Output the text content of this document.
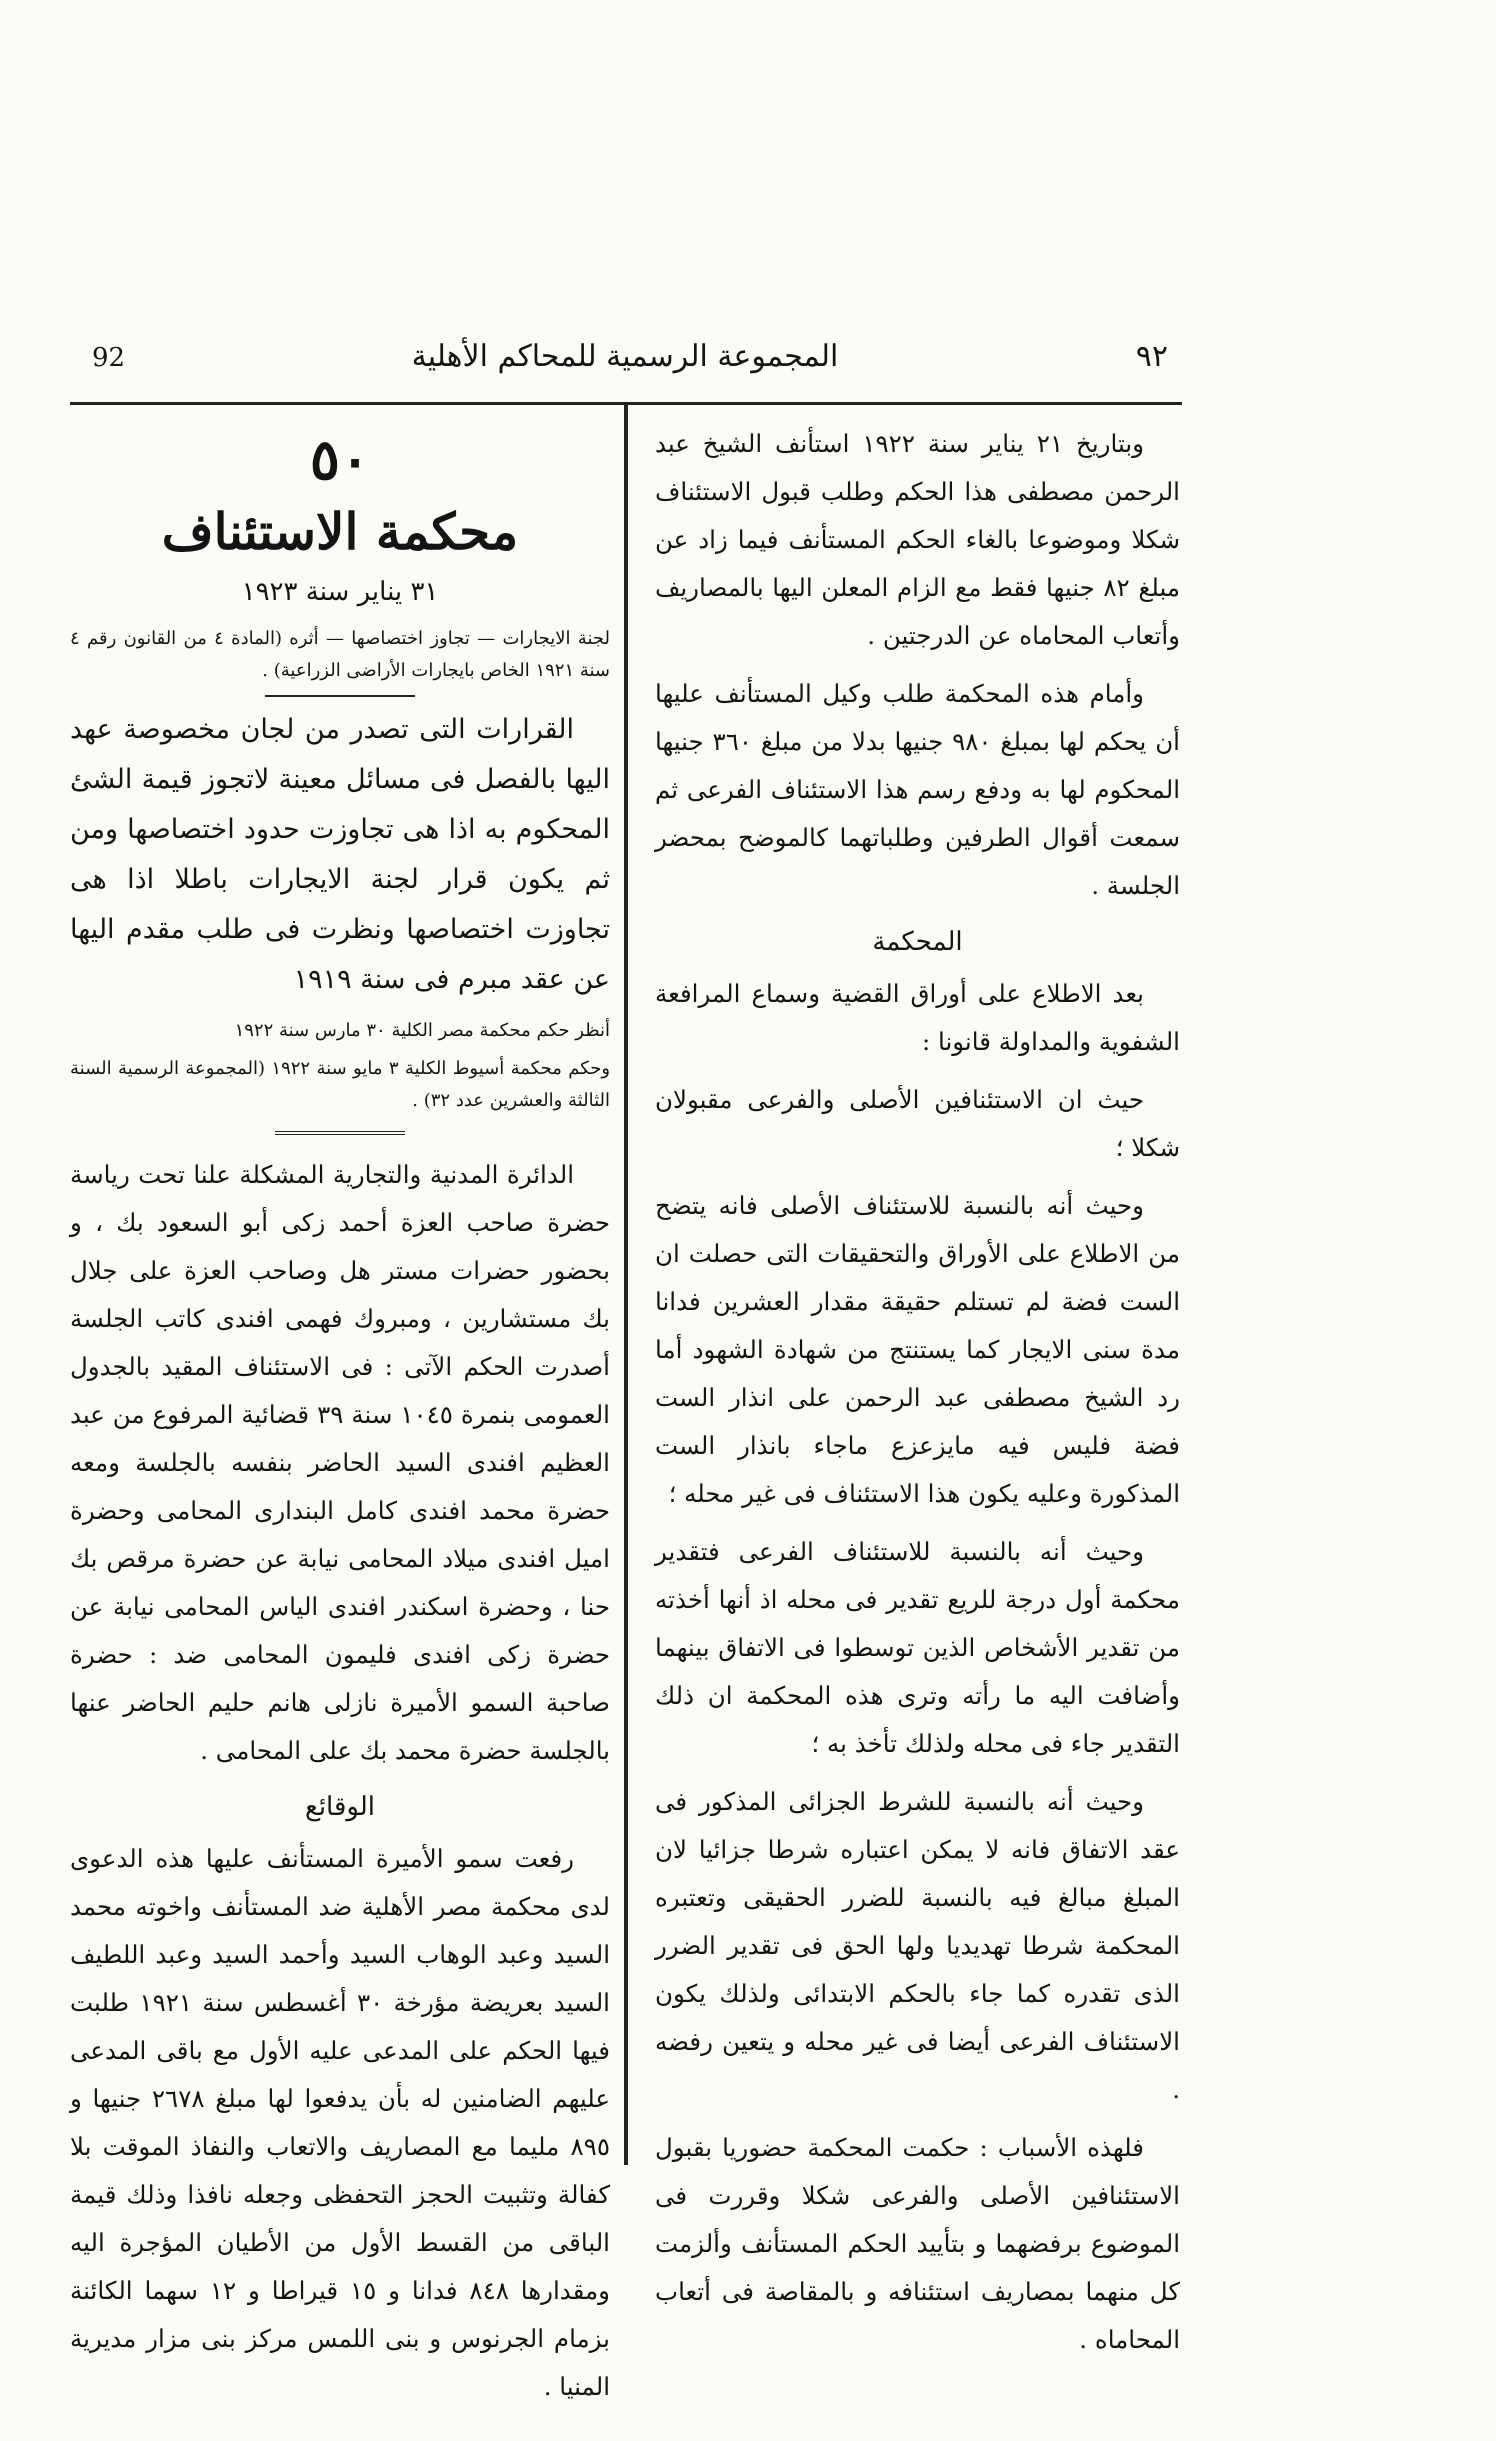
92	المجموعة الرسمية للمحاكم الأهلية	٩٢

وبتاريخ ٢١ يناير سنة ١٩٢٢ استأنف الشيخ عبد الرحمن مصطفى هذا الحكم وطلب قبول الاستئناف شكلا وموضوعا بالغاء الحكم المستأنف فيما زاد عن مبلغ ٨٢ جنيها فقط مع الزام المعلن اليها بالمصاريف وأتعاب المحاماه عن الدرجتين .

وأمام هذه المحكمة طلب وكيل المستأنف عليها أن يحكم لها بمبلغ ٩٨٠ جنيها بدلا من مبلغ ٣٦٠ جنيها المحكوم لها به ودفع رسم هذا الاستئناف الفرعى ثم سمعت أقوال الطرفين وطلباتهما كالموضح بمحضر الجلسة .

المحكمة

بعد الاطلاع على أوراق القضية وسماع المرافعة الشفوية والمداولة قانونا :

حيث ان الاستئنافين الأصلى والفرعى مقبولان شكلا ؛

وحيث أنه بالنسبة للاستئناف الأصلى فانه يتضح من الاطلاع على الأوراق والتحقيقات التى حصلت ان الست فضة لم تستلم حقيقة مقدار العشرين فدانا مدة سنى الايجار كما يستنتج من شهادة الشهود أما رد الشيخ مصطفى عبد الرحمن على انذار الست فضة فليس فيه مايزعزع ماجاء بانذار الست المذكورة وعليه يكون هذا الاستئناف فى غير محله ؛

وحيث أنه بالنسبة للاستئناف الفرعى فتقدير محكمة أول درجة للريع تقدير فى محله اذ أنها أخذته من تقدير الأشخاص الذين توسطوا فى الاتفاق بينهما وأضافت اليه ما رأته وترى هذه المحكمة ان ذلك التقدير جاء فى محله ولذلك تأخذ به ؛

وحيث أنه بالنسبة للشرط الجزائى المذكور فى عقد الاتفاق فانه لا يمكن اعتباره شرطا جزائيا لان المبلغ مبالغ فيه بالنسبة للضرر الحقيقى وتعتبره المحكمة شرطا تهديديا ولها الحق فى تقدير الضرر الذى تقدره كما جاء بالحكم الابتدائى ولذلك يكون الاستئناف الفرعى أيضا فى غير محله و يتعين رفضه .

فلهذه الأسباب : حكمت المحكمة حضوريا بقبول الاستئنافين الأصلى والفرعى شكلا وقررت فى الموضوع برفضهما و بتأييد الحكم المستأنف وألزمت كل منهما بمصاريف استئنافه و بالمقاصة فى أتعاب المحاماه .

٥٠
محكمة الاستئناف
٣١ يناير سنة ١٩٢٣

لجنة الايجارات — تجاوز اختصاصها — أثره (المادة ٤ من القانون رقم ٤ سنة ١٩٢١ الخاص بايجارات الأراضى الزراعية) .

القرارات التى تصدر من لجان مخصوصة عهد اليها بالفصل فى مسائل معينة لاتجوز قيمة الشئ المحكوم به اذا هى تجاوزت حدود اختصاصها ومن ثم يكون قرار لجنة الايجارات باطلا اذا هى تجاوزت اختصاصها ونظرت فى طلب مقدم اليها عن عقد مبرم فى سنة ١٩١٩

أنظر حكم محكمة مصر الكلية ٣٠ مارس سنة ١٩٢٢

وحكم محكمة أسيوط الكلية ٣ مايو سنة ١٩٢٢ (المجموعة الرسمية السنة الثالثة والعشرين عدد ٣٢) .

الدائرة المدنية والتجارية المشكلة علنا تحت رياسة حضرة صاحب العزة أحمد زكى أبو السعود بك ، و بحضور حضرات مستر هل وصاحب العزة على جلال بك مستشارين ، ومبروك فهمى افندى كاتب الجلسة أصدرت الحكم الآتى : فى الاستئناف المقيد بالجدول العمومى بنمرة ١٠٤٥ سنة ٣٩ قضائية المرفوع من عبد العظيم افندى السيد الحاضر بنفسه بالجلسة ومعه حضرة محمد افندى كامل البندارى المحامى وحضرة اميل افندى ميلاد المحامى نيابة عن حضرة مرقص بك حنا ، وحضرة اسكندر افندى الياس المحامى نيابة عن حضرة زكى افندى فليمون المحامى ضد : حضرة صاحبة السمو الأميرة نازلى هانم حليم الحاضر عنها بالجلسة حضرة محمد بك على المحامى .

الوقائع

رفعت سمو الأميرة المستأنف عليها هذه الدعوى لدى محكمة مصر الأهلية ضد المستأنف واخوته محمد السيد وعبد الوهاب السيد وأحمد السيد وعبد اللطيف السيد بعريضة مؤرخة ٣٠ أغسطس سنة ١٩٢١ طلبت فيها الحكم على المدعى عليه الأول مع باقى المدعى عليهم الضامنين له بأن يدفعوا لها مبلغ ٢٦٧٨ جنيها و ٨٩٥ مليما مع المصاريف والاتعاب والنفاذ الموقت بلا كفالة وتثبيت الحجز التحفظى وجعله نافذا وذلك قيمة الباقى من القسط الأول من الأطيان المؤجرة اليه ومقدارها ٨٤٨ فدانا و ١٥ قيراطا و ١٢ سهما الكائنة بزمام الجرنوس و بنى اللمس مركز بنى مزار مديرية المنيا .
